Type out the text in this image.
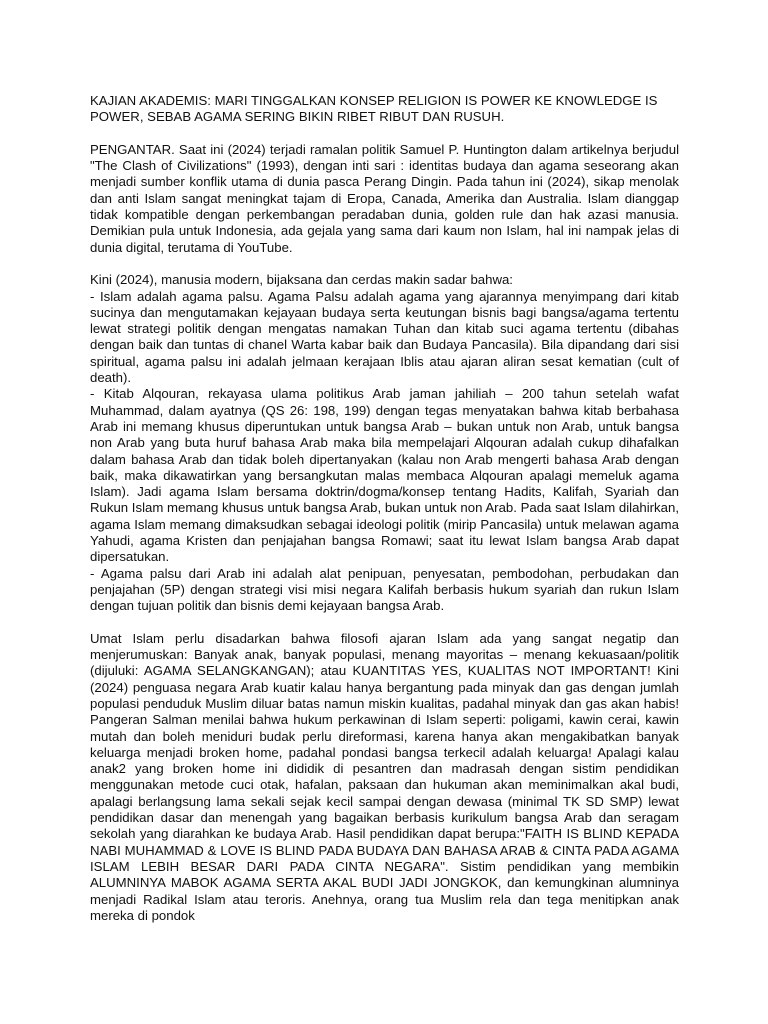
KAJIAN AKADEMIS: MARI TINGGALKAN KONSEP RELIGION IS POWER KE KNOWLEDGE IS POWER, SEBAB AGAMA SERING BIKIN RIBET RIBUT DAN RUSUH.

PENGANTAR. Saat ini (2024) terjadi ramalan politik Samuel P. Huntington dalam artikelnya berjudul "The Clash of Civilizations" (1993), dengan inti sari : identitas budaya dan agama seseorang akan menjadi sumber konflik utama di dunia pasca Perang Dingin. Pada tahun ini (2024), sikap menolak dan anti Islam sangat meningkat tajam di Eropa, Canada, Amerika dan Australia. Islam dianggap tidak kompatible dengan perkembangan peradaban dunia, golden rule dan hak azasi manusia. Demikian pula untuk Indonesia, ada gejala yang sama dari kaum non Islam, hal ini nampak jelas di dunia digital, terutama di YouTube.

Kini (2024), manusia modern, bijaksana dan cerdas makin sadar bahwa:

- Islam adalah agama palsu. Agama Palsu adalah agama yang ajarannya menyimpang dari kitab sucinya dan mengutamakan kejayaan budaya serta keutungan bisnis bagi bangsa/agama tertentu lewat strategi politik dengan mengatas namakan Tuhan dan kitab suci agama tertentu (dibahas dengan baik dan tuntas di chanel Warta kabar baik dan Budaya Pancasila). Bila dipandang dari sisi spiritual, agama palsu ini adalah jelmaan kerajaan Iblis atau ajaran aliran sesat kematian (cult of death).

- Kitab Alqouran, rekayasa ulama politikus Arab jaman jahiliah – 200 tahun setelah wafat Muhammad, dalam ayatnya (QS 26: 198, 199) dengan tegas menyatakan bahwa kitab berbahasa Arab ini memang khusus diperuntukan untuk bangsa Arab – bukan untuk non Arab, untuk bangsa non Arab yang buta huruf bahasa Arab maka bila mempelajari Alqouran adalah cukup dihafalkan dalam bahasa Arab dan tidak boleh dipertanyakan (kalau non Arab mengerti bahasa Arab dengan baik, maka dikawatirkan yang bersangkutan malas membaca Alqouran apalagi memeluk agama Islam). Jadi agama Islam bersama doktrin/dogma/konsep tentang Hadits, Kalifah, Syariah dan Rukun Islam memang khusus untuk bangsa Arab, bukan untuk non Arab. Pada saat Islam dilahirkan, agama Islam memang dimaksudkan sebagai ideologi politik (mirip Pancasila) untuk melawan agama Yahudi, agama Kristen dan penjajahan bangsa Romawi; saat itu lewat Islam bangsa Arab dapat dipersatukan.

- Agama palsu dari Arab ini adalah alat penipuan, penyesatan, pembodohan, perbudakan dan penjajahan (5P) dengan strategi visi misi negara Kalifah berbasis hukum syariah dan rukun Islam dengan tujuan politik dan bisnis demi kejayaan bangsa Arab.

Umat Islam perlu disadarkan bahwa filosofi ajaran Islam ada yang sangat negatip dan menjerumuskan: Banyak anak, banyak populasi, menang mayoritas – menang kekuasaan/politik (dijuluki: AGAMA SELANGKANGAN); atau KUANTITAS YES, KUALITAS NOT IMPORTANT! Kini (2024) penguasa negara Arab kuatir kalau hanya bergantung pada minyak dan gas dengan jumlah populasi penduduk Muslim diluar batas namun miskin kualitas, padahal minyak dan gas akan habis! Pangeran Salman menilai bahwa hukum perkawinan di Islam seperti: poligami, kawin cerai, kawin mutah dan boleh meniduri budak perlu direformasi, karena hanya akan mengakibatkan banyak keluarga menjadi broken home, padahal pondasi bangsa terkecil adalah keluarga! Apalagi kalau anak2 yang broken home ini dididik di pesantren dan madrasah dengan sistim pendidikan menggunakan metode cuci otak, hafalan, paksaan dan hukuman akan meminimalkan akal budi, apalagi berlangsung lama sekali sejak kecil sampai dengan dewasa (minimal TK SD SMP) lewat pendidikan dasar dan menengah yang bagaikan berbasis kurikulum bangsa Arab dan seragam sekolah yang diarahkan ke budaya Arab. Hasil pendidikan dapat berupa:"FAITH IS BLIND KEPADA NABI MUHAMMAD & LOVE IS BLIND PADA BUDAYA DAN BAHASA ARAB & CINTA PADA AGAMA ISLAM LEBIH BESAR DARI PADA CINTA NEGARA". Sistim pendidikan yang membikin ALUMNINYA MABOK AGAMA SERTA AKAL BUDI JADI JONGKOK, dan kemungkinan alumninya menjadi Radikal Islam atau teroris. Anehnya, orang tua Muslim rela dan tega menitipkan anak mereka di pondok
